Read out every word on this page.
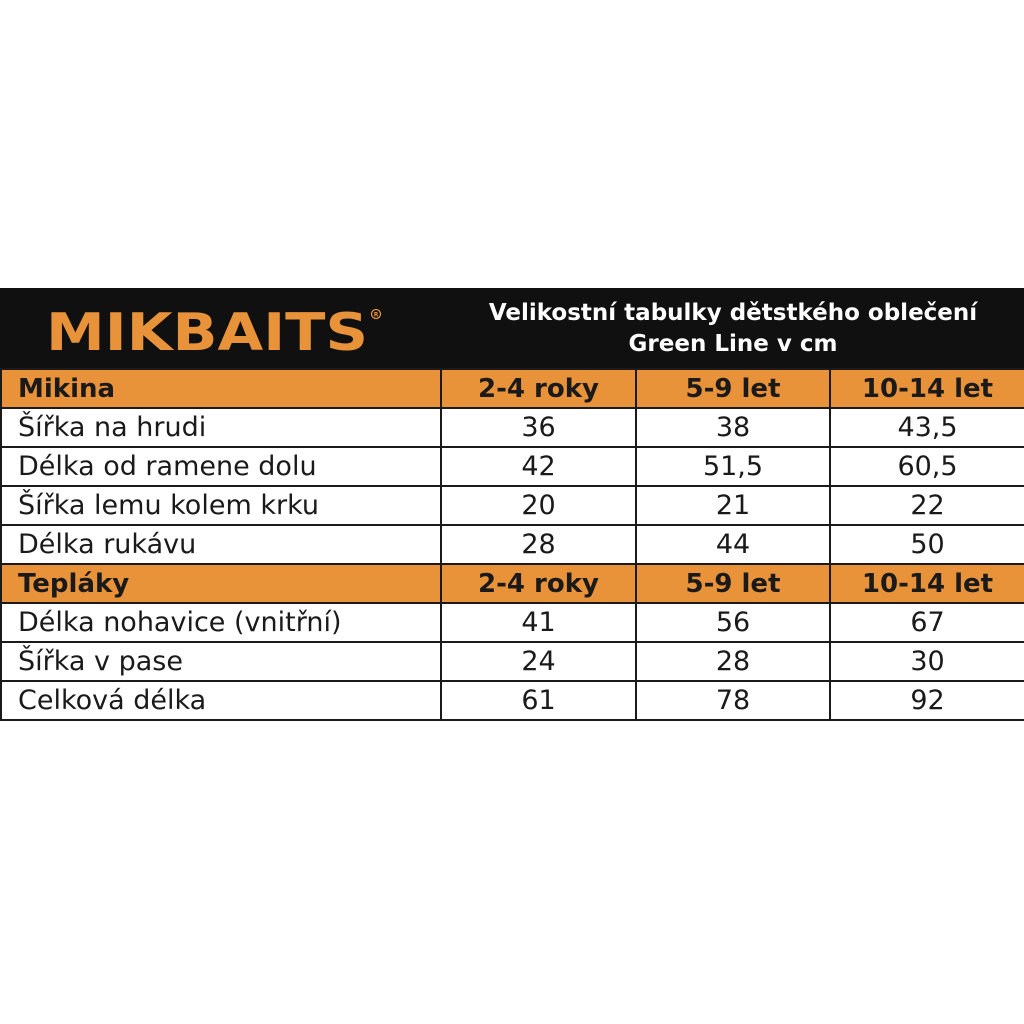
MIKBAITS R	Velikostní tabulky dětstkého oblečení
Green Line v cm
Mikina	2-4 roky	5-9 let	10-14 let
Šířka na hrudi	36	38	43,5
Délka od ramene dolu	42	51,5	60,5
Šířka lemu kolem krku	20	21	22
Délka rukávu	28	44	50
Tepláky	2-4 roky	5-9 let	10-14 let
Délka nohavice (vnitřní)	41	56	67
Šířka v pase	24	28	30
Celková délka	61	78	92
